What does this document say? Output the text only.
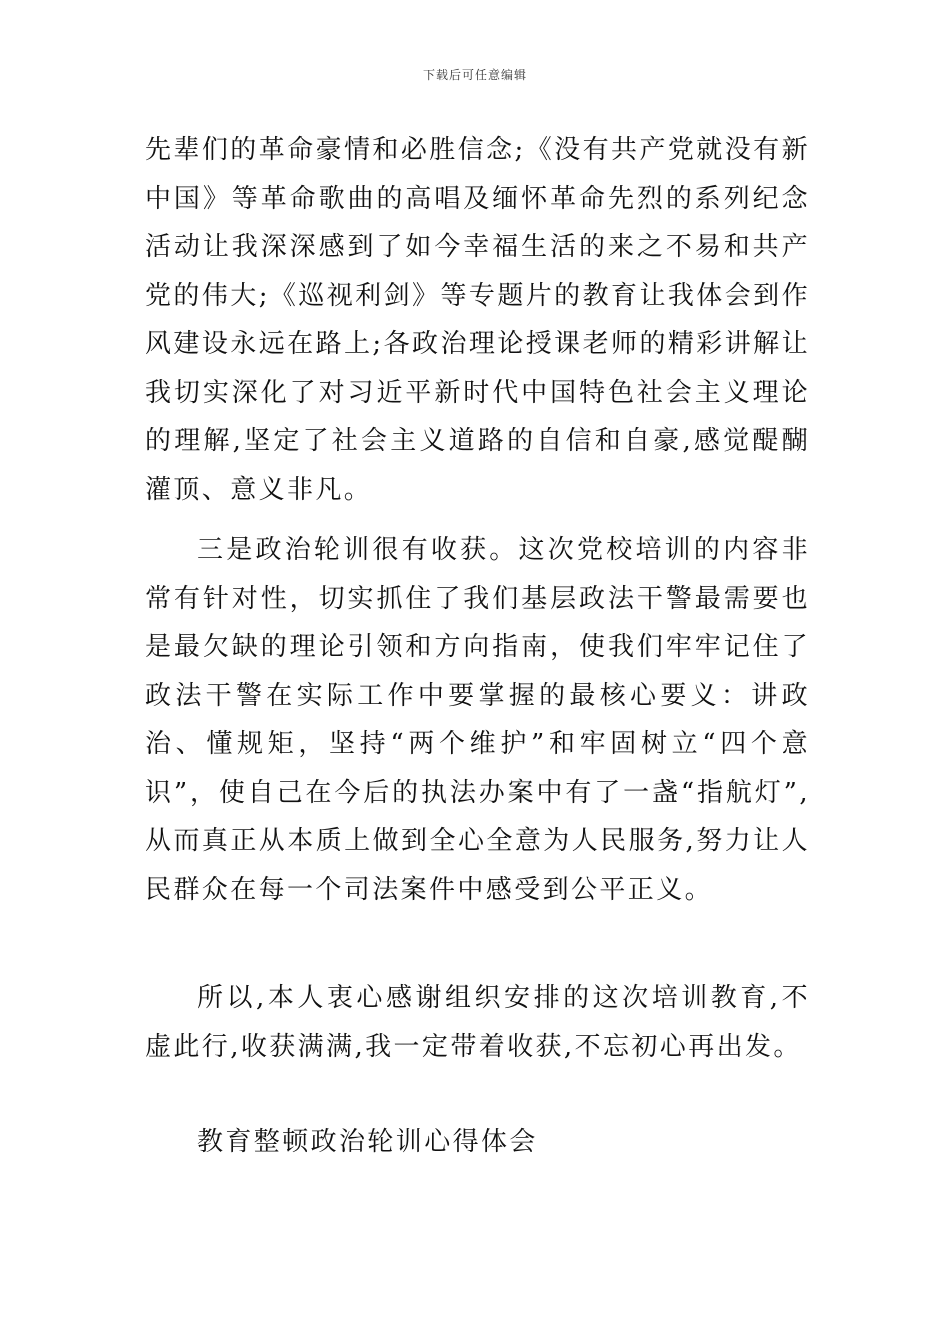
下载后可任意编辑

先辈们的革命豪情和必胜信念;《没有共产党就没有新中国》等革命歌曲的高唱及缅怀革命先烈的系列纪念活动让我深深感到了如今幸福生活的来之不易和共产党的伟大;《巡视利剑》等专题片的教育让我体会到作风建设永远在路上;各政治理论授课老师的精彩讲解让我切实深化了对习近平新时代中国特色社会主义理论的理解,坚定了社会主义道路的自信和自豪,感觉醍醐灌顶、意义非凡。

三是政治轮训很有收获。这次党校培训的内容非常有针对性，切实抓住了我们基层政法干警最需要也是最欠缺的理论引领和方向指南，使我们牢牢记住了政法干警在实际工作中要掌握的最核心要义：讲政治、懂规矩，坚持“两个维护”和牢固树立“四个意识”，使自己在今后的执法办案中有了一盏“指航灯”,从而真正从本质上做到全心全意为人民服务,努力让人民群众在每一个司法案件中感受到公平正义。

所以,本人衷心感谢组织安排的这次培训教育,不虚此行,收获满满,我一定带着收获,不忘初心再出发。

教育整顿政治轮训心得体会
